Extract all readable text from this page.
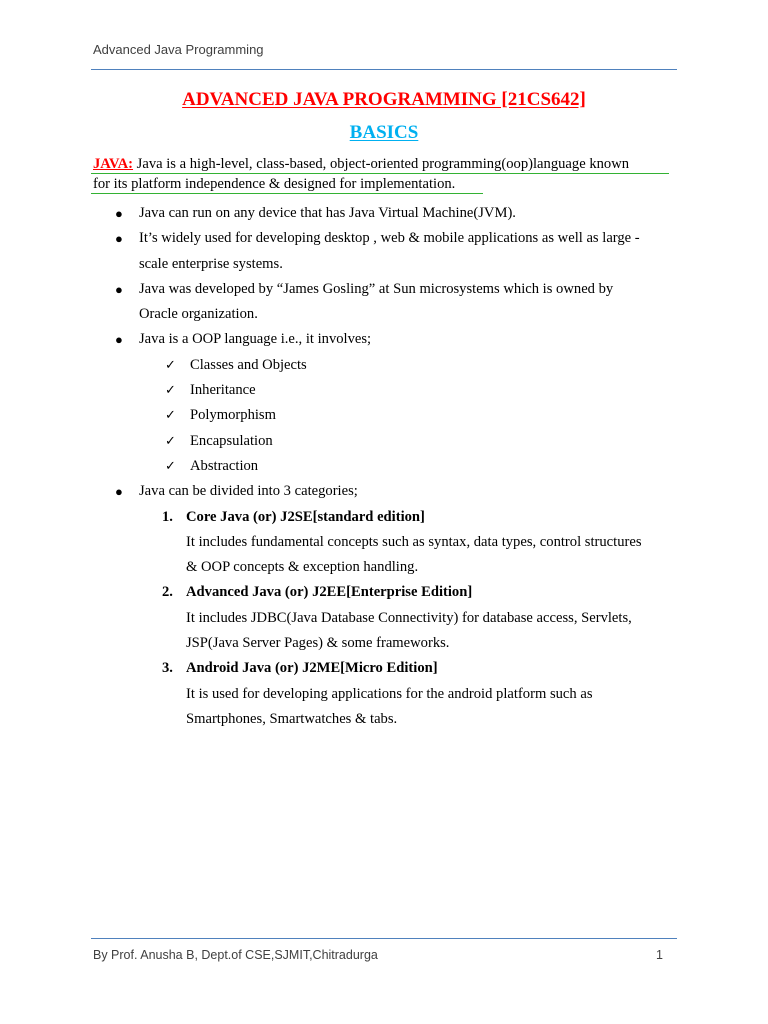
Advanced Java Programming
ADVANCED JAVA PROGRAMMING [21CS642]
BASICS
JAVA: Java is a high-level, class-based, object-oriented programming(oop)language known
for its platform independence & designed for implementation.
● Java can run on any device that has Java Virtual Machine(JVM).
● It’s widely used for developing desktop , web & mobile applications as well as large -
scale enterprise systems.
● Java was developed by “James Gosling” at Sun microsystems which is owned by
Oracle organization.
● Java is a OOP language i.e., it involves;
✓ Classes and Objects
✓ Inheritance
✓ Polymorphism
✓ Encapsulation
✓ Abstraction
● Java can be divided into 3 categories;
1. Core Java (or) J2SE[standard edition]
It includes fundamental concepts such as syntax, data types, control structures
& OOP concepts & exception handling.
2. Advanced Java (or) J2EE[Enterprise Edition]
It includes JDBC(Java Database Connectivity) for database access, Servlets,
JSP(Java Server Pages) & some frameworks.
3. Android Java (or) J2ME[Micro Edition]
It is used for developing applications for the android platform such as
Smartphones, Smartwatches & tabs.
By Prof. Anusha B, Dept.of CSE,SJMIT,Chitradurga	1
